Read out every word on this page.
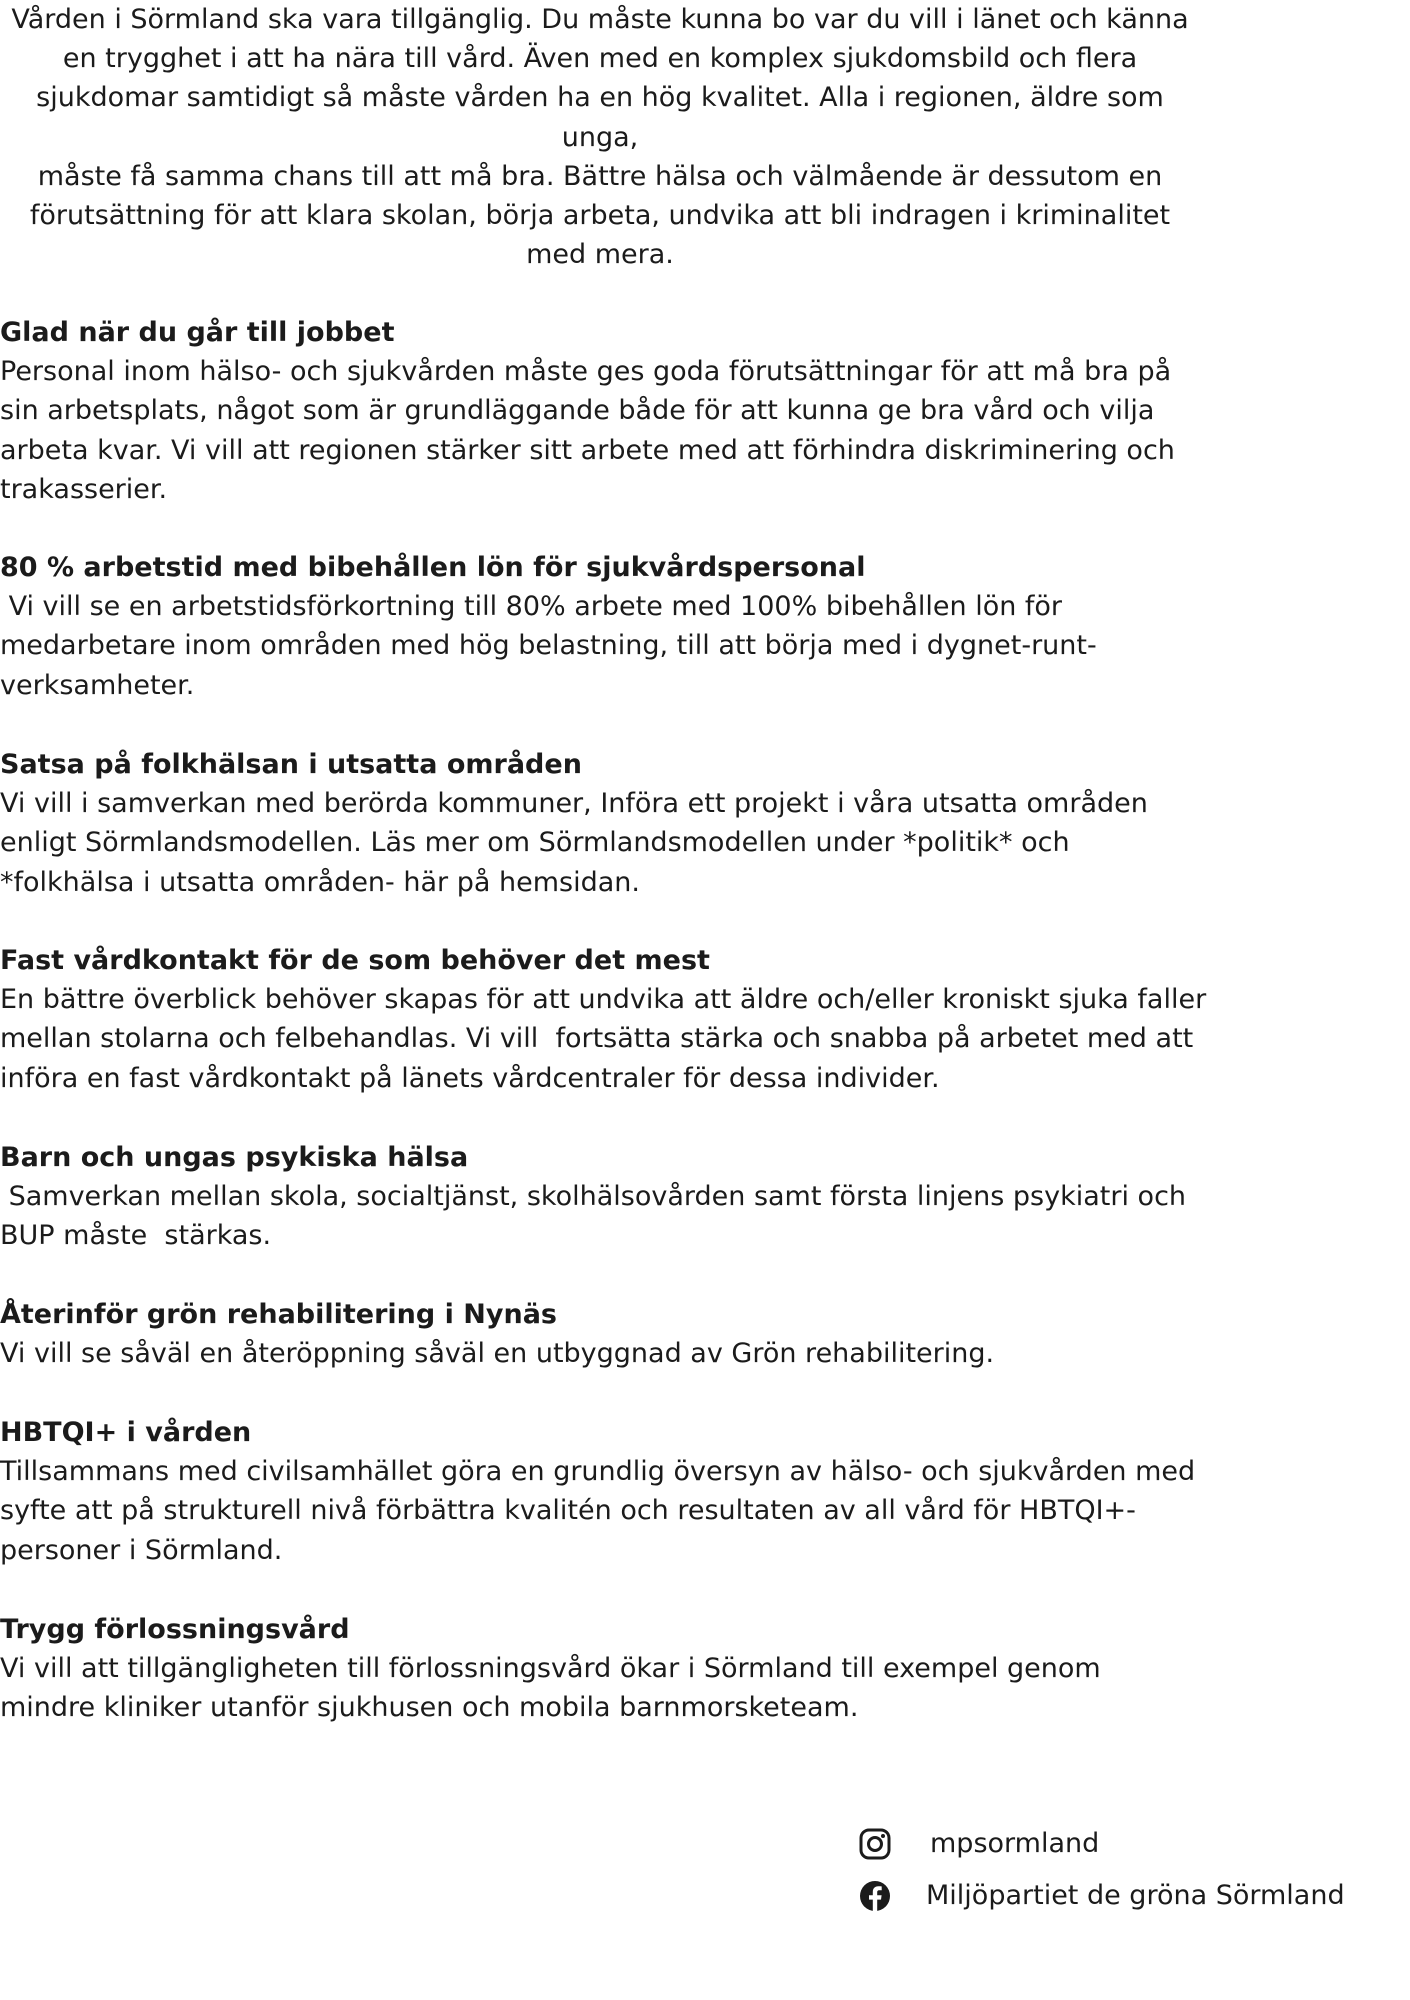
Vården i Sörmland ska vara tillgänglig. Du måste kunna bo var du vill i länet och känna
en trygghet i att ha nära till vård. Även med en komplex sjukdomsbild och flera
sjukdomar samtidigt så måste vården ha en hög kvalitet. Alla i regionen, äldre som unga,
måste få samma chans till att må bra. Bättre hälsa och välmående är dessutom en
förutsättning för att klara skolan, börja arbeta, undvika att bli indragen i kriminalitet
med mera.
Glad när du går till jobbet
Personal inom hälso- och sjukvården måste ges goda förutsättningar för att må bra på
sin arbetsplats, något som är grundläggande både för att kunna ge bra vård och vilja
arbeta kvar. Vi vill att regionen stärker sitt arbete med att förhindra diskriminering och
trakasserier.
80 % arbetstid med bibehållen lön för sjukvårdspersonal
Vi vill se en arbetstidsförkortning till 80% arbete med 100% bibehållen lön för
medarbetare inom områden med hög belastning, till att börja med i dygnet-runt-
verksamheter.
Satsa på folkhälsan i utsatta områden
Vi vill i samverkan med berörda kommuner, Införa ett projekt i våra utsatta områden
enligt Sörmlandsmodellen. Läs mer om Sörmlandsmodellen under *politik* och
*folkhälsa i utsatta områden- här på hemsidan.
Fast vårdkontakt för de som behöver det mest
En bättre överblick behöver skapas för att undvika att äldre och/eller kroniskt sjuka faller
mellan stolarna och felbehandlas. Vi vill  fortsätta stärka och snabba på arbetet med att
införa en fast vårdkontakt på länets vårdcentraler för dessa individer.
Barn och ungas psykiska hälsa
Samverkan mellan skola, socialtjänst, skolhälsovården samt första linjens psykiatri och
BUP måste  stärkas.
Återinför grön rehabilitering i Nynäs
Vi vill se såväl en återöppning såväl en utbyggnad av Grön rehabilitering.
HBTQI+ i vården
Tillsammans med civilsamhället göra en grundlig översyn av hälso- och sjukvården med
syfte att på strukturell nivå förbättra kvalitén och resultaten av all vård för HBTQI+-
personer i Sörmland.
Trygg förlossningsvård
Vi vill att tillgängligheten till förlossningsvård ökar i Sörmland till exempel genom
mindre kliniker utanför sjukhusen och mobila barnmorsketeam.
mpsormland
Miljöpartiet de gröna Sörmland
